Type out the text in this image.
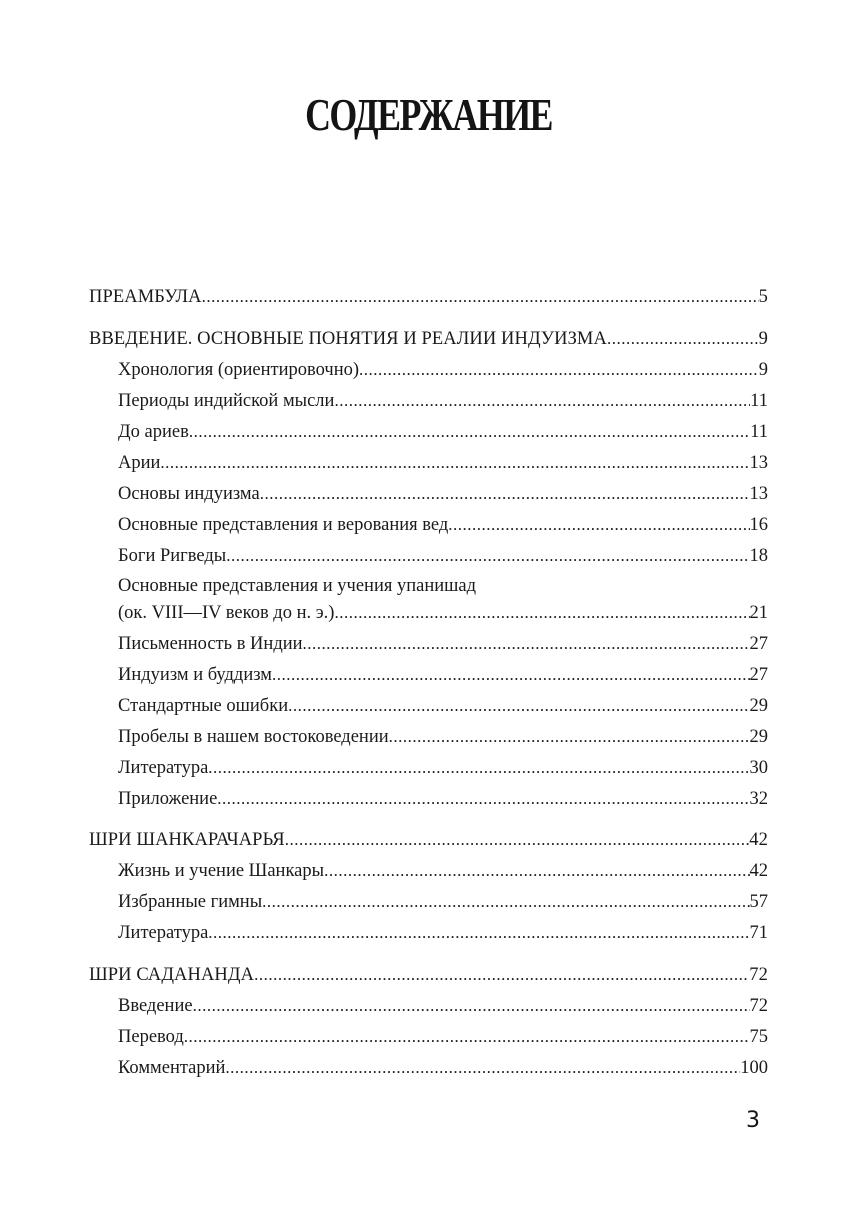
СОДЕРЖАНИЕ
ПРЕАМБУЛА .....	5
ВВЕДЕНИЕ. ОСНОВНЫЕ ПОНЯТИЯ И РЕАЛИИ ИНДУИЗМА .....	9
Хронология (ориентировочно) .....	9
Периоды индийской мысли .....	11
До ариев .....	11
Арии .....	13
Основы индуизма .....	13
Основные представления и верования вед .....	16
Боги Ригведы .....	18
Основные представления и учения упанишад
(ок. VIII—IV веков до н. э.) .....	21
Письменность в Индии .....	27
Индуизм и буддизм .....	27
Стандартные ошибки .....	29
Пробелы в нашем востоковедении .....	29
Литература .....	30
Приложение .....	32
ШРИ ШАНКАРАЧАРЬЯ .....	42
Жизнь и учение Шанкары .....	42
Избранные гимны .....	57
Литература .....	71
ШРИ САДАНАНДА .....	72
Введение .....	72
Перевод .....	75
Комментарий .....	100
3
